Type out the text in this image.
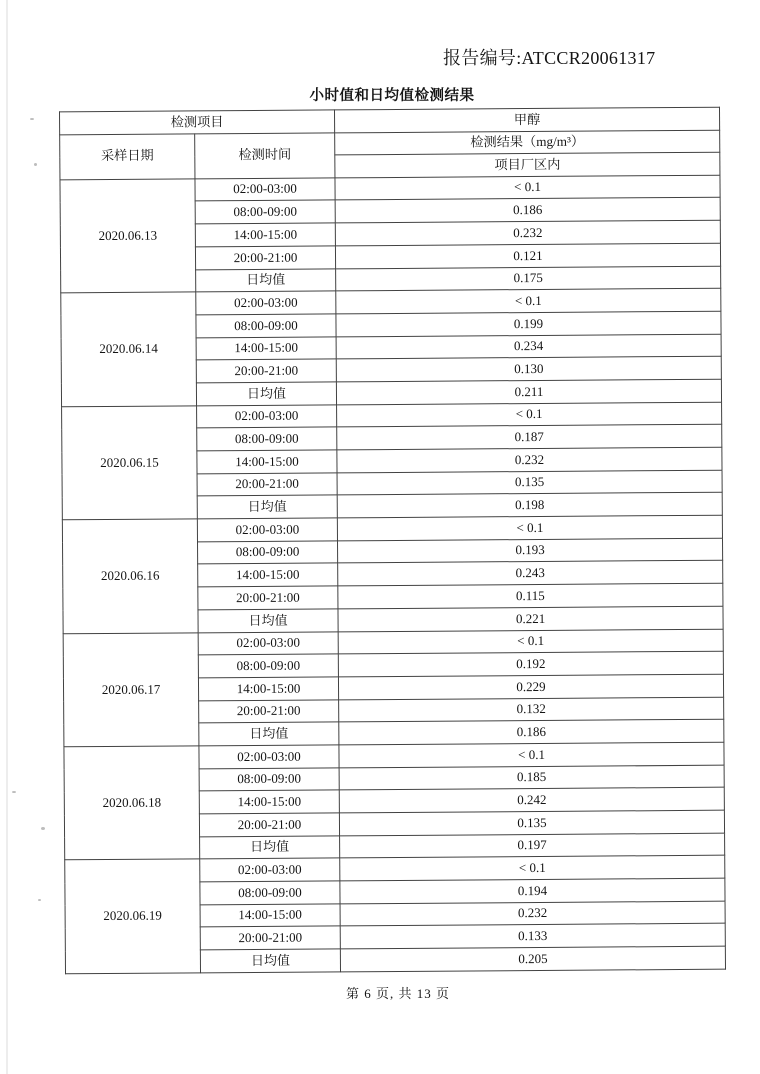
报告编号:ATCCR20061317
小时值和日均值检测结果
检测项目		甲醇
采样日期	检测时间	检测结果（mg/m³）
		项目厂区内
2020.06.13	02:00-03:00	< 0.1
	08:00-09:00	0.186
	14:00-15:00	0.232
	20:00-21:00	0.121
	日均值	0.175
2020.06.14	02:00-03:00	< 0.1
	08:00-09:00	0.199
	14:00-15:00	0.234
	20:00-21:00	0.130
	日均值	0.211
2020.06.15	02:00-03:00	< 0.1
	08:00-09:00	0.187
	14:00-15:00	0.232
	20:00-21:00	0.135
	日均值	0.198
2020.06.16	02:00-03:00	< 0.1
	08:00-09:00	0.193
	14:00-15:00	0.243
	20:00-21:00	0.115
	日均值	0.221
2020.06.17	02:00-03:00	< 0.1
	08:00-09:00	0.192
	14:00-15:00	0.229
	20:00-21:00	0.132
	日均值	0.186
2020.06.18	02:00-03:00	< 0.1
	08:00-09:00	0.185
	14:00-15:00	0.242
	20:00-21:00	0.135
	日均值	0.197
2020.06.19	02:00-03:00	< 0.1
	08:00-09:00	0.194
	14:00-15:00	0.232
	20:00-21:00	0.133
	日均值	0.205
第 6 页, 共 13 页
